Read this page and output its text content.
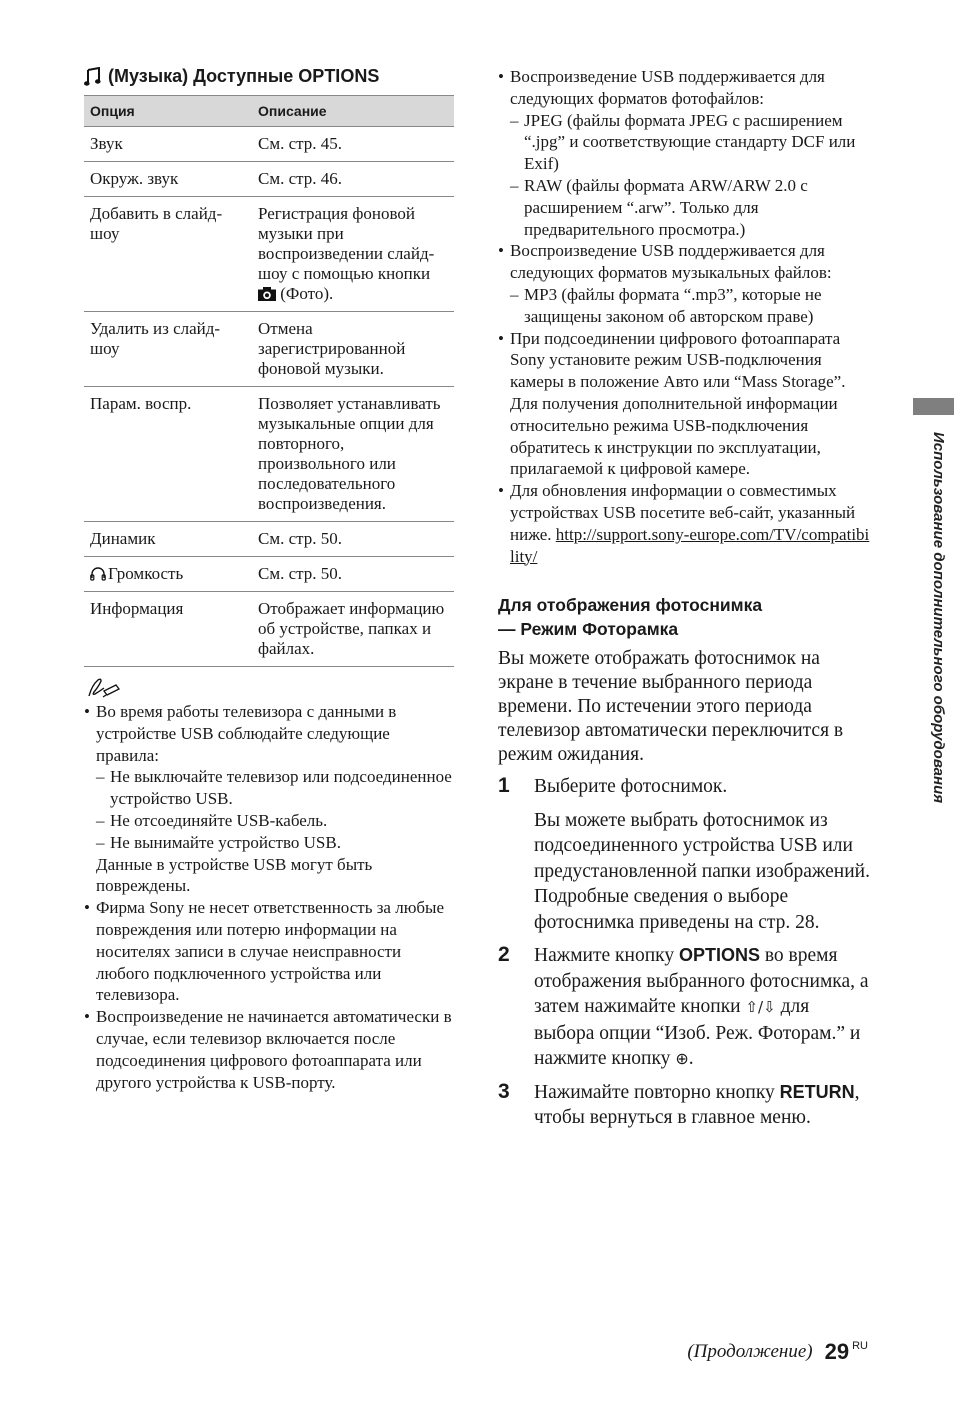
(Музыка) Доступные OPTIONS
Опция	Описание
Звук	См. стр. 45.
Окруж. звук	См. стр. 46.
Добавить в слайд-шоу	Регистрация фоновой музыки при воспроизведении слайд-шоу с помощью кнопки  (Фото).
Удалить из слайд-шоу	Отмена зарегистрированной фоновой музыки.
Парам. воспр.	Позволяет устанавливать музыкальные опции для повторного, произвольного или последовательного воспроизведения.
Динамик	См. стр. 50.
Громкость	См. стр. 50.
Информация	Отображает информацию об устройстве, папках и файлах.
• Во время работы телевизора с данными в устройстве USB соблюдайте следующие правила:
– Не выключайте телевизор или подсоединенное устройство USB.
– Не отсоединяйте USB-кабель.
– Не вынимайте устройство USB.
Данные в устройстве USB могут быть повреждены.
• Фирма Sony не несет ответственность за любые повреждения или потерю информации на носителях записи в случае неисправности любого подключенного устройства или телевизора.
• Воспроизведение не начинается автоматически в случае, если телевизор включается после подсоединения цифрового фотоаппарата или другого устройства к USB-порту.
• Воспроизведение USB поддерживается для следующих форматов фотофайлов:
– JPEG (файлы формата JPEG с расширением “.jpg” и соответствующие стандарту DCF или Exif)
– RAW (файлы формата ARW/ARW 2.0 с расширением “.arw”. Только для предварительного просмотра.)
• Воспроизведение USB поддерживается для следующих форматов музыкальных файлов:
– MP3 (файлы формата “.mp3”, которые не защищены законом об авторском праве)
• При подсоединении цифрового фотоаппарата Sony установите режим USB-подключения камеры в положение Авто или “Mass Storage”. Для получения дополнительной информации относительно режима USB-подключения обратитесь к инструкции по эксплуатации, прилагаемой к цифровой камере.
• Для обновления информации о совместимых устройствах USB посетите веб-сайт, указанный ниже. http://support.sony-europe.com/TV/compatibility/
Для отображения фотоснимка
— Режим Фоторамка

Вы можете отображать фотоснимок на экране в течение выбранного периода времени. По истечении этого периода телевизор автоматически переключится в режим ожидания.

1	Выберите фотоснимок.

Вы можете выбрать фотоснимок из подсоединенного устройства USB или предустановленной папки изображений. Подробные сведения о выборе фотоснимка приведены на стр. 28.

2	Нажмите кнопку OPTIONS во время отображения выбранного фотоснимка, а затем нажимайте кнопки ⇧/⇩ для выбора опции “Изоб. Реж. Фоторам.” и нажмите кнопку ⊕.

3	Нажимайте повторно кнопку RETURN, чтобы вернуться в главное меню.

Использование дополнительного оборудования
(Продолжение) 29 RU
